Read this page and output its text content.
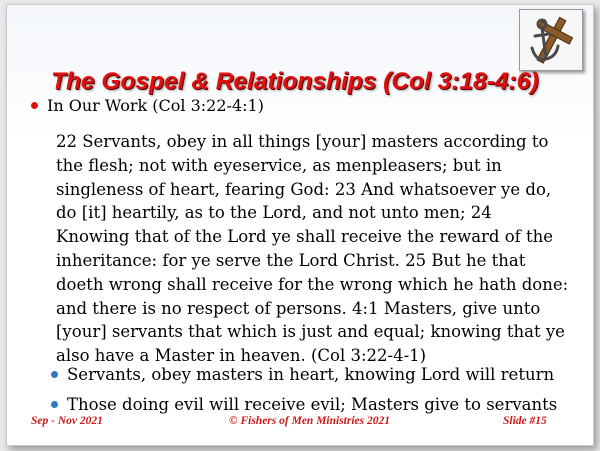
The Gospel & Relationships (Col 3:18-4:6)
In Our Work (Col 3:22-4:1)
22 Servants, obey in all things [your] masters according to
the flesh; not with eyeservice, as menpleasers; but in
singleness of heart, fearing God: 23 And whatsoever ye do,
do [it] heartily, as to the Lord, and not unto men; 24
Knowing that of the Lord ye shall receive the reward of the
inheritance: for ye serve the Lord Christ. 25 But he that
doeth wrong shall receive for the wrong which he hath done:
and there is no respect of persons. 4:1 Masters, give unto
[your] servants that which is just and equal; knowing that ye
also have a Master in heaven. (Col 3:22-4-1)
Servants, obey masters in heart, knowing Lord will return
Those doing evil will receive evil; Masters give to servants
Sep - Nov 2021	© Fishers of Men Ministries 2021	Slide #15
